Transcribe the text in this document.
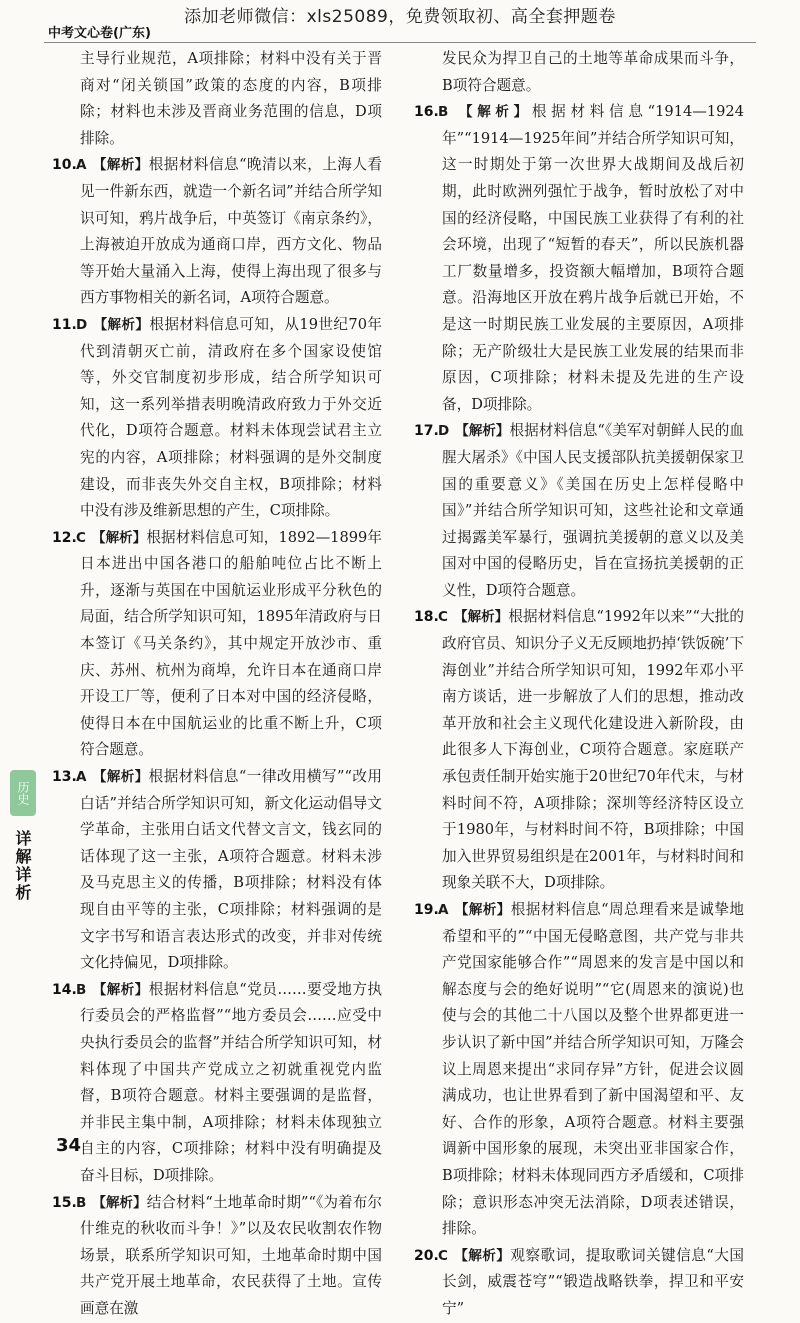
添加老师微信：xls25089，免费领取初、高全套押题卷
中考文心卷(广东)

主导行业规范，A项排除；材料中没有关于晋商对“闭关锁国”政策的态度的内容，B项排除；材料也未涉及晋商业务范围的信息，D项排除。

10.A 【解析】根据材料信息“晚清以来，上海人看见一件新东西，就造一个新名词”并结合所学知识可知，鸦片战争后，中英签订《南京条约》，上海被迫开放成为通商口岸，西方文化、物品等开始大量涌入上海，使得上海出现了很多与西方事物相关的新名词，A项符合题意。

11.D 【解析】根据材料信息可知，从19世纪70年代到清朝灭亡前，清政府在多个国家设使馆等，外交官制度初步形成，结合所学知识可知，这一系列举措表明晚清政府致力于外交近代化，D项符合题意。材料未体现尝试君主立宪的内容，A项排除；材料强调的是外交制度建设，而非丧失外交自主权，B项排除；材料中没有涉及维新思想的产生，C项排除。

12.C 【解析】根据材料信息可知，1892—1899年日本进出中国各港口的船舶吨位占比不断上升，逐渐与英国在中国航运业形成平分秋色的局面，结合所学知识可知，1895年清政府与日本签订《马关条约》，其中规定开放沙市、重庆、苏州、杭州为商埠，允许日本在通商口岸开设工厂等，便利了日本对中国的经济侵略，使得日本在中国航运业的比重不断上升，C项符合题意。

13.A 【解析】根据材料信息“一律改用横写”“改用白话”并结合所学知识可知，新文化运动倡导文学革命，主张用白话文代替文言文，钱玄同的话体现了这一主张，A项符合题意。材料未涉及马克思主义的传播，B项排除；材料没有体现自由平等的主张，C项排除；材料强调的是文字书写和语言表达形式的改变，并非对传统文化持偏见，D项排除。

14.B 【解析】根据材料信息“党员……要受地方执行委员会的严格监督”“地方委员会……应受中央执行委员会的监督”并结合所学知识可知，材料体现了中国共产党成立之初就重视党内监督，B项符合题意。材料主要强调的是监督，并非民主集中制，A项排除；材料未体现独立自主的内容，C项排除；材料中没有明确提及奋斗目标，D项排除。

15.B 【解析】结合材料“土地革命时期”“《为着布尔什维克的秋收而斗争！》”以及农民收割农作物场景，联系所学知识可知，土地革命时期中国共产党开展土地革命，农民获得了土地。宣传画意在激

发民众为捍卫自己的土地等革命成果而斗争，B项符合题意。

16.B 【解析】根据材料信息“1914—1924年”“1914—1925年间”并结合所学知识可知，这一时期处于第一次世界大战期间及战后初期，此时欧洲列强忙于战争，暂时放松了对中国的经济侵略，中国民族工业获得了有利的社会环境，出现了“短暂的春天”，所以民族机器工厂数量增多，投资额大幅增加，B项符合题意。沿海地区开放在鸦片战争后就已开始，不是这一时期民族工业发展的主要原因，A项排除；无产阶级壮大是民族工业发展的结果而非原因，C项排除；材料未提及先进的生产设备，D项排除。

17.D 【解析】根据材料信息“《美军对朝鲜人民的血腥大屠杀》《中国人民支援部队抗美援朝保家卫国的重要意义》《美国在历史上怎样侵略中国》”并结合所学知识可知，这些社论和文章通过揭露美军暴行，强调抗美援朝的意义以及美国对中国的侵略历史，旨在宣扬抗美援朝的正义性，D项符合题意。

18.C 【解析】根据材料信息“1992年以来”“大批的政府官员、知识分子义无反顾地扔掉‘铁饭碗’下海创业”并结合所学知识可知，1992年邓小平南方谈话，进一步解放了人们的思想，推动改革开放和社会主义现代化建设进入新阶段，由此很多人下海创业，C项符合题意。家庭联产承包责任制开始实施于20世纪70年代末，与材料时间不符，A项排除；深圳等经济特区设立于1980年，与材料时间不符，B项排除；中国加入世界贸易组织是在2001年，与材料时间和现象关联不大，D项排除。

19.A 【解析】根据材料信息“周总理看来是诚挚地希望和平的”“中国无侵略意图，共产党与非共产党国家能够合作”“周恩来的发言是中国以和解态度与会的绝好说明”“它(周恩来的演说)也使与会的其他二十八国以及整个世界都更进一步认识了新中国”并结合所学知识可知，万隆会议上周恩来提出“求同存异”方针，促进会议圆满成功，也让世界看到了新中国渴望和平、友好、合作的形象，A项符合题意。材料主要强调新中国形象的展现，未突出亚非国家合作，B项排除；材料未体现同西方矛盾缓和，C项排除；意识形态冲突无法消除，D项表述错误，排除。

20.C 【解析】观察歌词，提取歌词关键信息“大国长剑，威震苍穹”“锻造战略铁拳，捍卫和平安宁”

历史
详解详析
34
